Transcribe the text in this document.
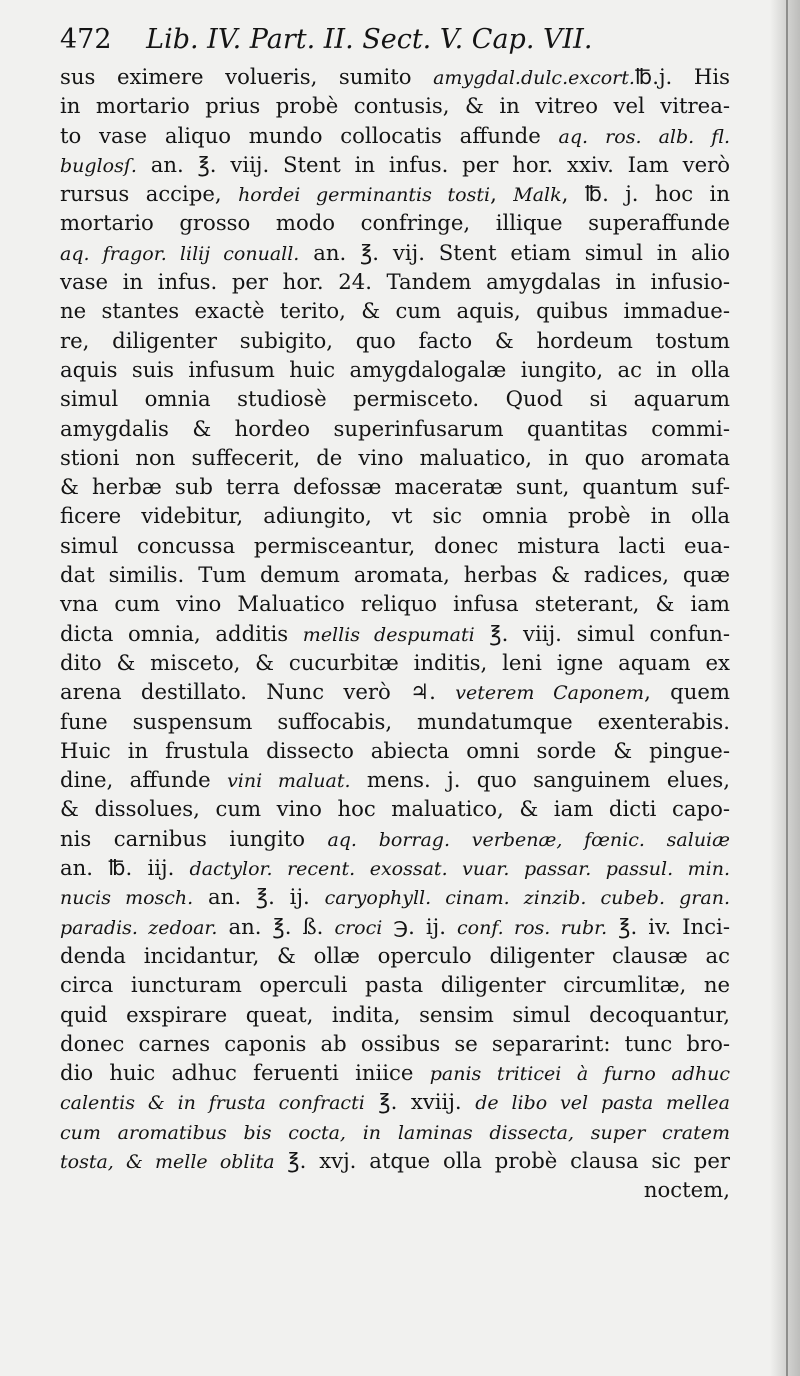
472 Lib. IV. Part. II. Sect. V. Cap. VII.
sus eximere volueris, sumito amygdal.dulc.excort.℔.j. His
in mortario prius probè contusis, & in vitreo vel vitrea-
to vase aliquo mundo collocatis affunde aq. ros. alb. fl.
buglosſ. an. ℥. viij. Stent in infus. per hor. xxiv. Iam verò
rursus accipe, hordei germinantis tosti, Malk, ℔. j. hoc in
mortario grosso modo confringe, illique superaffunde
aq. fragor. lilij conuall. an. ℥. vij. Stent etiam simul in alio
vase in infus. per hor. 24. Tandem amygdalas in infusio-
ne stantes exactè terito, & cum aquis, quibus immadue-
re, diligenter subigito, quo facto & hordeum tostum
aquis suis infusum huic amygdalogalæ iungito, ac in olla
simul omnia studiosè permisceto. Quod si aquarum
amygdalis & hordeo superinfusarum quantitas commi-
stioni non suffecerit, de vino maluatico, in quo aromata
& herbæ sub terra defossæ maceratæ sunt, quantum suf-
ficere videbitur, adiungito, vt sic omnia probè in olla
simul concussa permisceantur, donec mistura lacti eua-
dat similis. Tum demum aromata, herbas & radices, quæ
vna cum vino Maluatico reliquo infusa steterant, & iam
dicta omnia, additis mellis despumati ℥. viij. simul confun-
dito & misceto, & cucurbitæ inditis, leni igne aquam ex
arena destillato. Nunc verò ♃. veterem Caponem, quem
fune suspensum suffocabis, mundatumque exenterabis.
Huic in frustula dissecto abiecta omni sorde & pingue-
dine, affunde vini maluat. mens. j. quo sanguinem elues,
& dissolues, cum vino hoc maluatico, & iam dicti capo-
nis carnibus iungito aq. borrag. verbenæ, fœnic. saluiæ
an. ℔. iij. dactylor. recent. exossat. vuar. passar. passul. min.
nucis mosch. an. ℥. ij. caryophyll. cinam. zinzib. cubeb. gran.
paradis. zedoar. an. ℥. ß. croci ℈. ij. conf. ros. rubr. ℥. iv. Inci-
denda incidantur, & ollæ operculo diligenter clausæ ac
circa iuncturam operculi pasta diligenter circumlitæ, ne
quid exspirare queat, indita, sensim simul decoquantur,
donec carnes caponis ab ossibus se separarint: tunc bro-
dio huic adhuc feruenti iniice panis triticei à furno adhuc
calentis & in frusta confracti ℥. xviij. de libo vel pasta mellea
cum aromatibus bis cocta, in laminas dissecta, super cratem
tosta, & melle oblita ℥. xvj. atque olla probè clausa sic per
noctem,
